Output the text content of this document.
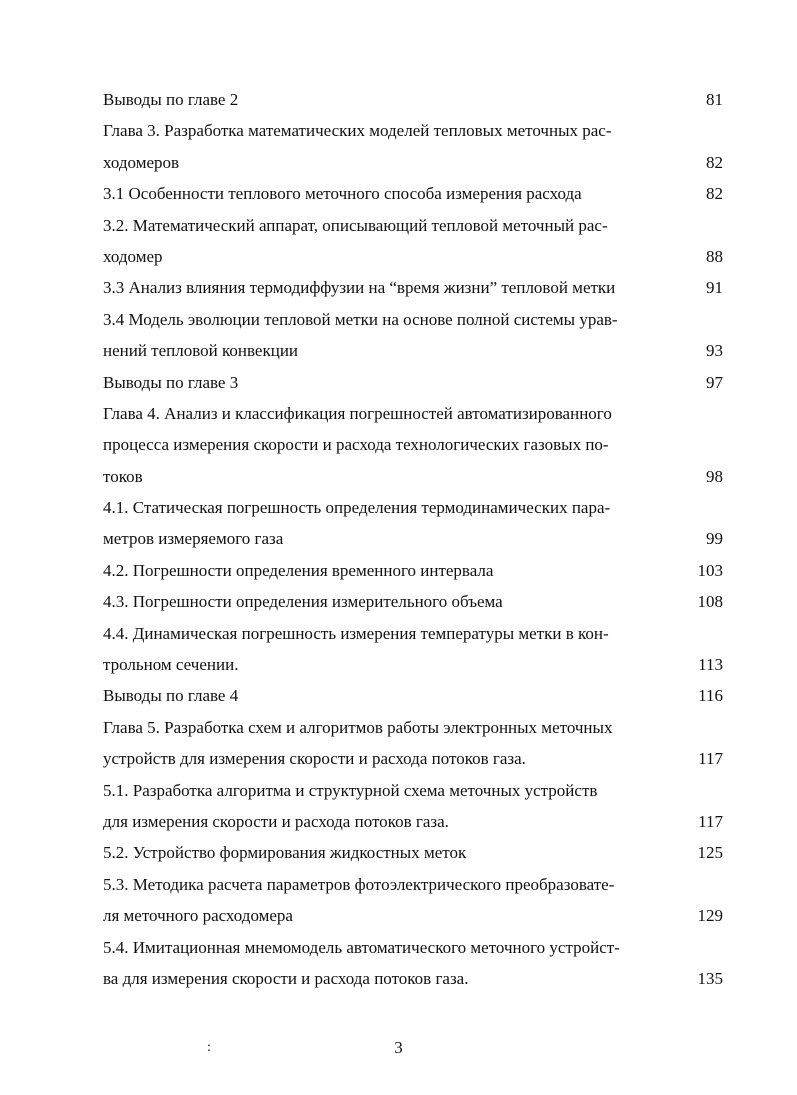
Выводы по главе 2	81
Глава 3. Разработка математических моделей тепловых меточных рас-
ходомеров	82
3.1 Особенности теплового меточного способа измерения расхода	82
3.2. Математический аппарат, описывающий тепловой меточный рас-
ходомер	88
3.3 Анализ влияния термодиффузии на “время жизни” тепловой метки	91
3.4 Модель эволюции тепловой метки на основе полной системы урав-
нений тепловой конвекции	93
Выводы по главе 3	97
Глава 4. Анализ и классификация погрешностей автоматизированного
процесса измерения скорости и расхода технологических газовых по-
токов	98
4.1. Статическая погрешность определения термодинамических пара-
метров измеряемого газа	99
4.2. Погрешности определения временного интервала	103
4.3. Погрешности определения измерительного объема	108
4.4. Динамическая погрешность измерения температуры метки в кон-
трольном сечении.	113
Выводы по главе 4	116
Глава 5. Разработка схем и алгоритмов работы электронных меточных
устройств для измерения скорости и расхода потоков газа.	117
5.1. Разработка алгоритма и структурной схема меточных устройств
для измерения скорости и расхода потоков газа.	117
5.2. Устройство формирования жидкостных меток	125
5.3. Методика расчета параметров фотоэлектрического преобразовате-
ля меточного расходомера	129
5.4. Имитационная мнемомодель автоматического меточного устройст-
ва для измерения скорости и расхода потоков газа.	135
:	3
